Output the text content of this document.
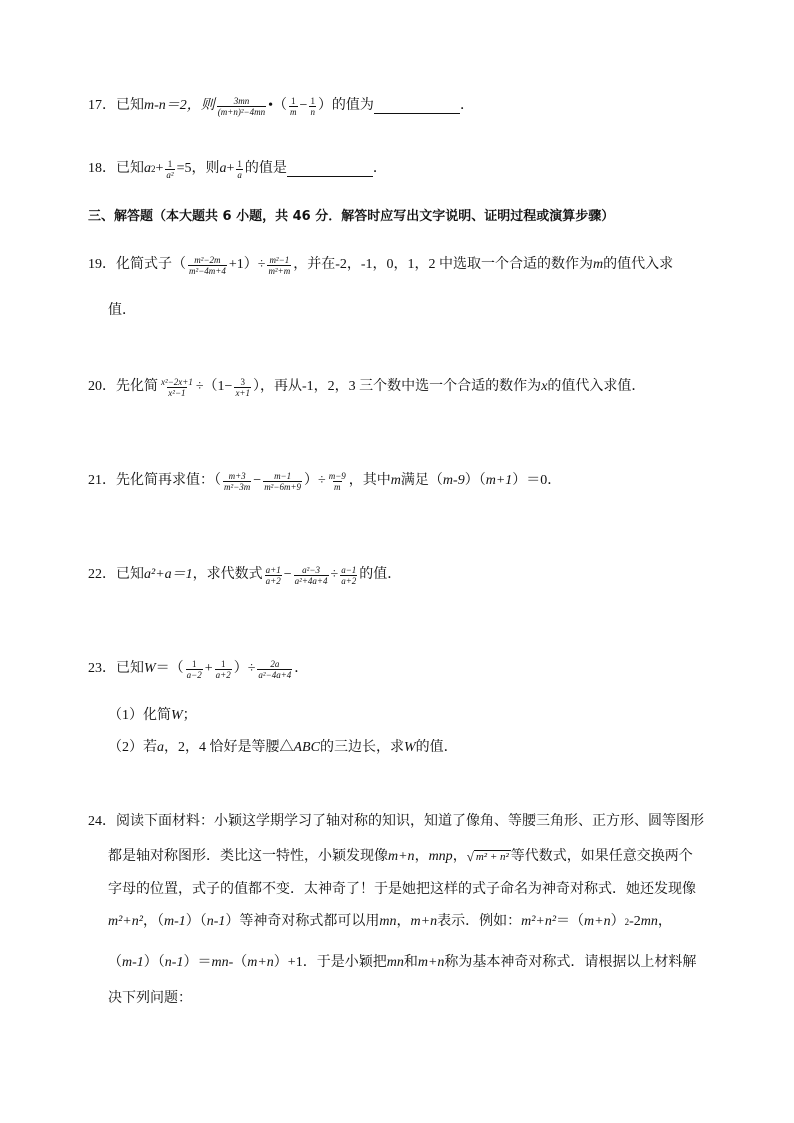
17． 已知 m-n＝2，则 $\frac{3mn}{\text{(m+n)²−4mn}}$ •（ $\frac{1}{m} - \frac{1}{n}$ ）的值为	．
18． 已知 a $2 + \frac{1}{\text{a²}} =5$，则 $a + \frac{1}{a}$ 的值是	．
三、解答题（本大题共 6 小题，共 46 分．解答时应写出文字说明、证明过程或演算步骤）
19． 化简式子（ $\frac{\text{m²−2m}}{\text{m²−4m+4}} +1)\div \frac{\text{m²−1}}{\text{m²+m}}$ ，并在-2，-1，0，1，2 中选取一个合适的数作为 m 的值代入求
值．
20． 先化简 $\frac{\text{x²−2x+1}}{\text{x²−1}} \div(1- \frac{3}{x+1}$ ），再从-1，2，3 三个数中选一个合适的数作为 x 的值代入求值．
21． 先化简再求值：（ $\frac{m+3}{\text{m²−3m}} - \frac{m-1}{\text{m²−6m+9}}$ ）÷ $\frac{m-9}{m}$ ，其中 m 满足（ m-9 ）（ m+1 ）＝0．
22． 已知 a²+a＝1 ，求代数式 $\frac{a+1}{a+2} - \frac{\text{a²−3}}{\text{a²+4a+4}} \div \frac{a-1}{a+2}$ 的值．
23． 已知 W ＝（ $\frac{1}{a-2} + \frac{1}{a+2}$ ）÷ $\frac{2a}{\text{a²−4a+4}}$ ．
（1）化简 W ；
（2）若 a ，2，4 恰好是等腰△ ABC 的三边长，求 W 的值．
24． 阅读下面材料：小颖这学期学习了轴对称的知识，知道了像角、等腰三角形、正方形、圆等图形
都是轴对称图形．类比这一特性，小颖发现像 m+n ， mnp ， √ m² + n² 等代数式，如果任意交换两个
字母的位置，式子的值都不变．太神奇了！于是她把这样的式子命名为神奇对称式．她还发现像
m²+n² ，（ m-1 ）（ n-1 ）等神奇对称式都可以用 mn ， m+n 表示．例如： m²+n² ＝（ m+n ） 2 -2 mn ，
（ m-1 ）（ n-1 ）＝ mn- （ m+n ）+1．于是小颖把 mn 和 m+n 称为基本神奇对称式．请根据以上材料解
决下列问题：
